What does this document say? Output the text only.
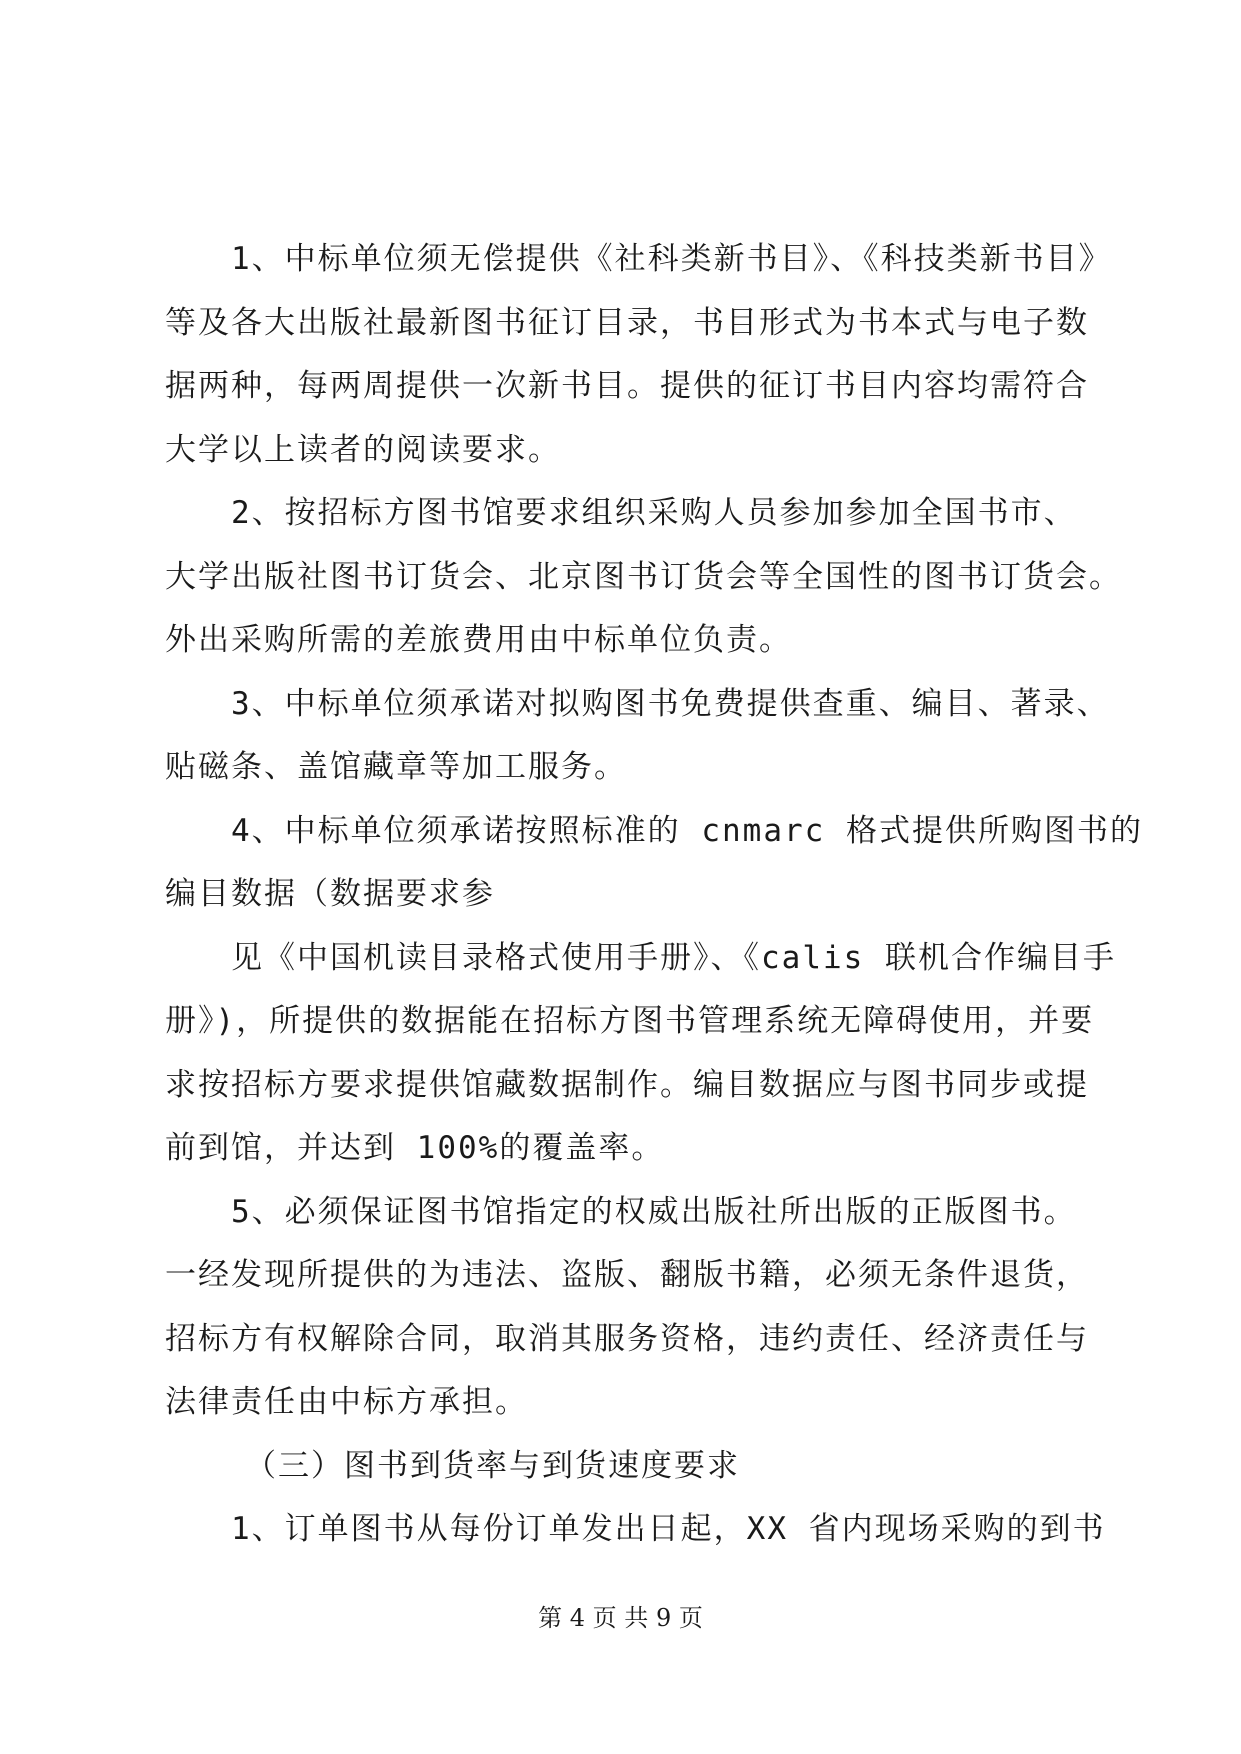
1、中标单位须无偿提供《社科类新书目》、《科技类新书目》
等及各大出版社最新图书征订目录，书目形式为书本式与电子数
据两种，每两周提供一次新书目。提供的征订书目内容均需符合
大学以上读者的阅读要求。
2、按招标方图书馆要求组织采购人员参加参加全国书市、
大学出版社图书订货会、北京图书订货会等全国性的图书订货会。
外出采购所需的差旅费用由中标单位负责。
3、中标单位须承诺对拟购图书免费提供查重、编目、著录、
贴磁条、盖馆藏章等加工服务。
4、中标单位须承诺按照标准的 cnmarc 格式提供所购图书的
编目数据（数据要求参
见《中国机读目录格式使用手册》、《calis 联机合作编目手
册》)，所提供的数据能在招标方图书管理系统无障碍使用，并要
求按招标方要求提供馆藏数据制作。编目数据应与图书同步或提
前到馆，并达到 100%的覆盖率。
5、必须保证图书馆指定的权威出版社所出版的正版图书。
一经发现所提供的为违法、盗版、翻版书籍，必须无条件退货，
招标方有权解除合同，取消其服务资格，违约责任、经济责任与
法律责任由中标方承担。
（三）图书到货率与到货速度要求
1、订单图书从每份订单发出日起，XX 省内现场采购的到书
第 4 页 共 9 页
